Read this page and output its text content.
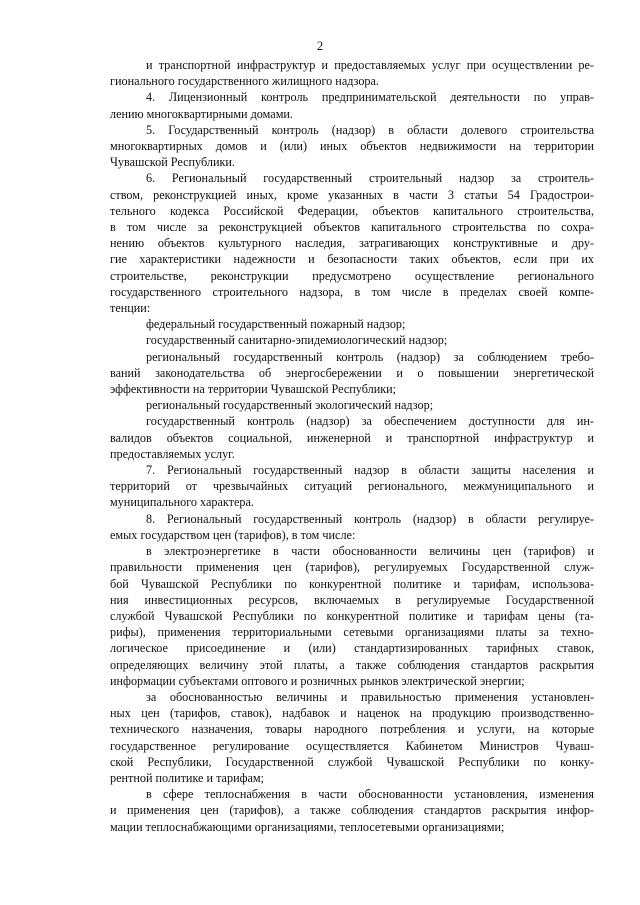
2
и транспортной инфраструктур и предоставляемых услуг при осуществлении ре-
гионального государственного жилищного надзора.
4. Лицензионный контроль предпринимательской деятельности по управ-
лению многоквартирными домами.
5. Государственный контроль (надзор) в области долевого строительства
многоквартирных домов и (или) иных объектов недвижимости на территории
Чувашской Республики.
6. Региональный государственный строительный надзор за строитель-
ством, реконструкцией иных, кроме указанных в части 3 статьи 54 Градострои-
тельного кодекса Российской Федерации, объектов капитального строительства,
в том числе за реконструкцией объектов капитального строительства по сохра-
нению объектов культурного наследия, затрагивающих конструктивные и дру-
гие характеристики надежности и безопасности таких объектов, если при их
строительстве, реконструкции предусмотрено осуществление регионального
государственного строительного надзора, в том числе в пределах своей компе-
тенции:
федеральный государственный пожарный надзор;
государственный санитарно-эпидемиологический надзор;
региональный государственный контроль (надзор) за соблюдением требо-
ваний законодательства об энергосбережении и о повышении энергетической
эффективности на территории Чувашской Республики;
региональный государственный экологический надзор;
государственный контроль (надзор) за обеспечением доступности для ин-
валидов объектов социальной, инженерной и транспортной инфраструктур и
предоставляемых услуг.
7. Региональный государственный надзор в области защиты населения и
территорий от чрезвычайных ситуаций регионального, межмуниципального и
муниципального характера.
8. Региональный государственный контроль (надзор) в области регулируе-
емых государством цен (тарифов), в том числе:
в электроэнергетике в части обоснованности величины цен (тарифов) и
правильности применения цен (тарифов), регулируемых Государственной служ-
бой Чувашской Республики по конкурентной политике и тарифам, использова-
ния инвестиционных ресурсов, включаемых в регулируемые Государственной
службой Чувашской Республики по конкурентной политике и тарифам цены (та-
рифы), применения территориальными сетевыми организациями платы за техно-
логическое присоединение и (или) стандартизированных тарифных ставок,
определяющих величину этой платы, а также соблюдения стандартов раскрытия
информации субъектами оптового и розничных рынков электрической энергии;
за обоснованностью величины и правильностью применения установлен-
ных цен (тарифов, ставок), надбавок и наценок на продукцию производственно-
технического назначения, товары народного потребления и услуги, на которые
государственное регулирование осуществляется Кабинетом Министров Чуваш-
ской Республики, Государственной службой Чувашской Республики по конку-
рентной политике и тарифам;
в сфере теплоснабжения в части обоснованности установления, изменения
и применения цен (тарифов), а также соблюдения стандартов раскрытия инфор-
мации теплоснабжающими организациями, теплосетевыми организациями;
